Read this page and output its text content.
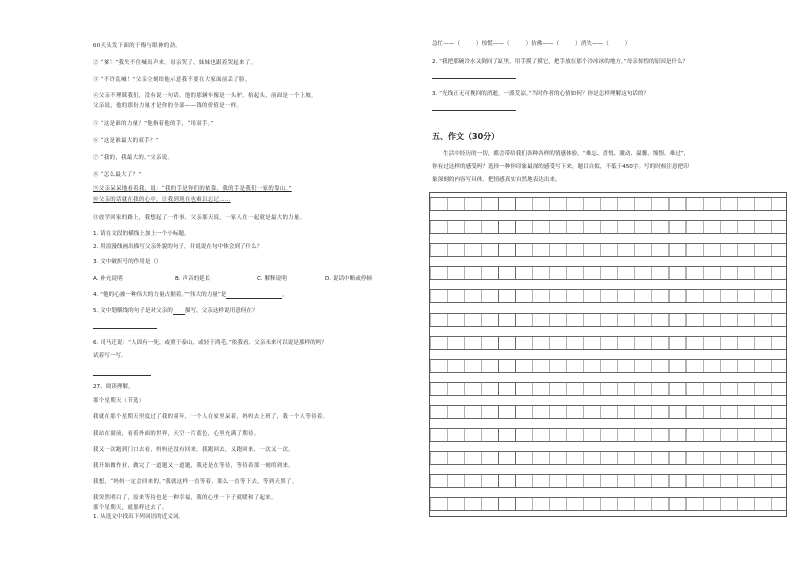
60天头发下面的干梅与眼神的劲。
② “爹！”我失不住喊出声来。母亲哭了，妹妹也跟着哭起来了。
③ “不许乱喊！”父亲立刻给他示意我不要在大家面前丢了脸。
④父亲不理睬我们，没有说一句话。他的那辆车像是一头驴，抬起头，前面是一个上坡。
父亲说，他的那份力量才是你的全部——钱的价值是一样。
⑤ “这是谁的力量？”他指着他的手，“用双手。”
⑥ “这是谁最大的双手？”
⑦ “我的，我最大的，”父亲说。
⑧ “怎么最大了？”
⑨父亲呆呆地看着我，说：“我的手是你们的依靠，我的手是我们一家的靠山。”
⑩父亲的话就在我的心中，让我到现在也难以忘记……
⑪放学回家的路上，我想起了一件事，父亲那天说，一家人在一起就是最大的力量。
1. 请在文段的横线上加上一个小标题。
2. 用浪漫线画出描写父亲外貌的句子，并说说在句中体会到了什么？
3. 文中破折号的作用是（）
A. 补充说明	B. 声音的延长	C. 解释说明	D. 说话中断或停顿
4. “他的心被一种伟大的力量占据着。”“伟大的力量”是	。
5. 文中划横线的句子是对父亲的 描写，父亲这样说用意何在？
6. 司马迁说：“人固有一死，或重于泰山，或轻于鸿毛。”依我看，父亲未来可以说是那样的吗？
试着写一写。
27、阅读理解。
那个星期天（节选）
我就在那个星期天里度过了我的童年，一个人在家里呆着，妈妈去上班了，我一个人等待着。
我站在窗前，看着外面的世界，天空一片蓝色，心里充满了期待。
我又一次跑到门口去看，妈妈还没有回来。我跑回去，又跑回来，一次又一次。
我开始做作业，做完了一道题又一道题，我还是在等待，等待着那一刻的到来。
我想，“妈妈一定会回来的。”我就这样一直等着，那么一直等下去，等到天黑了。
我突然明白了，原来等待也是一种幸福，我的心里一下子就暖和了起来。
那个星期天，就那样过去了。
1. 从选文中找出下列词语的近义词。
急忙——（	）惊慌——（	）仿佛——（	）消失——（	）
2. “我把那碗冷水又倒回了缸里，用手摸了摸它，把手放在那个冷冰冰的地方。”母亲惊惶的原因是什么？
3. “光线正无可挽回的消逝，一派荒凉。”当时作者的心情如何？你是怎样理解这句话的？
五、作文（30分）
生活中经历的一切，都会带给我们各种各样的情感体验。“难忘、喜悦、激动、温馨、憧憬、难过”，
你有过这样的感受吗？选择一种你印象最深的感受写下来，题目自拟，不低于450字。写的时候注意把印
象深刻的内容写具体，把情感真实自然地表达出来。
